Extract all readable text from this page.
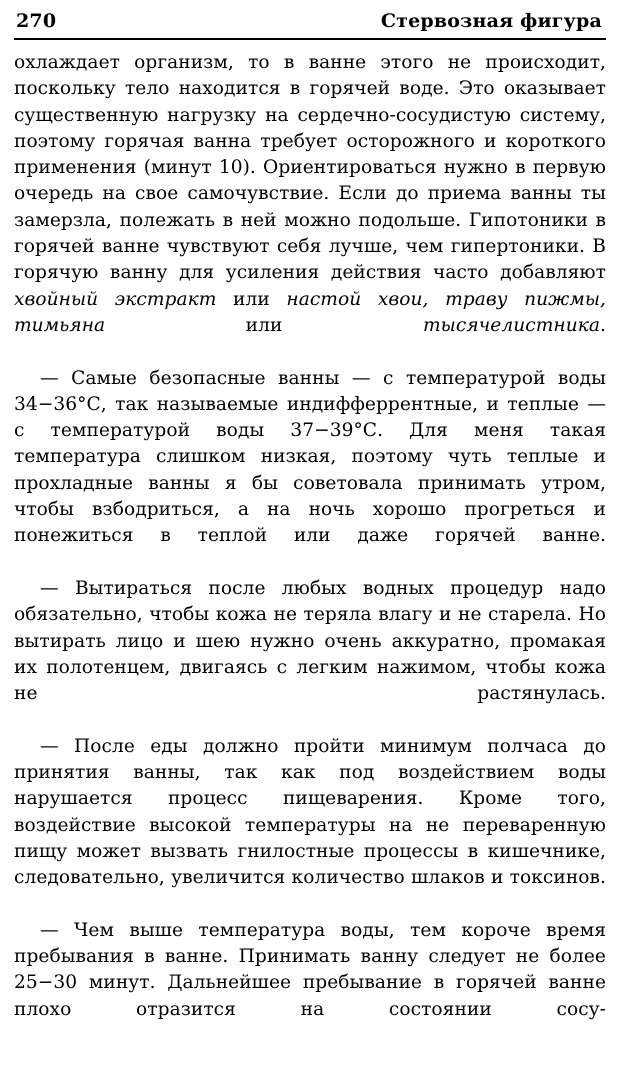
270	Стервозная фигура

охлаждает организм, то в ванне этого не происходит, поскольку тело находится в горячей воде. Это оказывает существенную нагрузку на сердечно-сосудистую систему, поэтому горячая ванна требует осторожного и короткого применения (минут 10). Ориентироваться нужно в первую очередь на свое самочувствие. Если до приема ванны ты замерзла, полежать в ней можно подольше. Гипотоники в горячей ванне чувствуют себя лучше, чем гипертоники. В горячую ванну для усиления действия часто добавляют хвойный экстракт или настой хвои, траву пижмы, тимьяна или тысячелистника.

— Самые безопасные ванны — с температурой воды 34−36°С, так называемые индифферрентные, и теплые — с температурой воды 37−39°С. Для меня такая температура слишком низкая, поэтому чуть теплые и прохладные ванны я бы советовала принимать утром, чтобы взбодриться, а на ночь хорошо прогреться и понежиться в теплой или даже горячей ванне.

— Вытираться после любых водных процедур надо обязательно, чтобы кожа не теряла влагу и не старела. Но вытирать лицо и шею нужно очень аккуратно, промакая их полотенцем, двигаясь с легким нажимом, чтобы кожа не растянулась.

— После еды должно пройти минимум полчаса до принятия ванны, так как под воздействием воды нарушается процесс пищеварения. Кроме того, воздействие высокой температуры на не переваренную пищу может вызвать гнилостные процессы в кишечнике, следовательно, увеличится количество шлаков и токсинов.

— Чем выше температура воды, тем короче время пребывания в ванне. Принимать ванну следует не более 25−30 минут. Дальнейшее пребывание в горячей ванне плохо отразится на состоянии сосу-
